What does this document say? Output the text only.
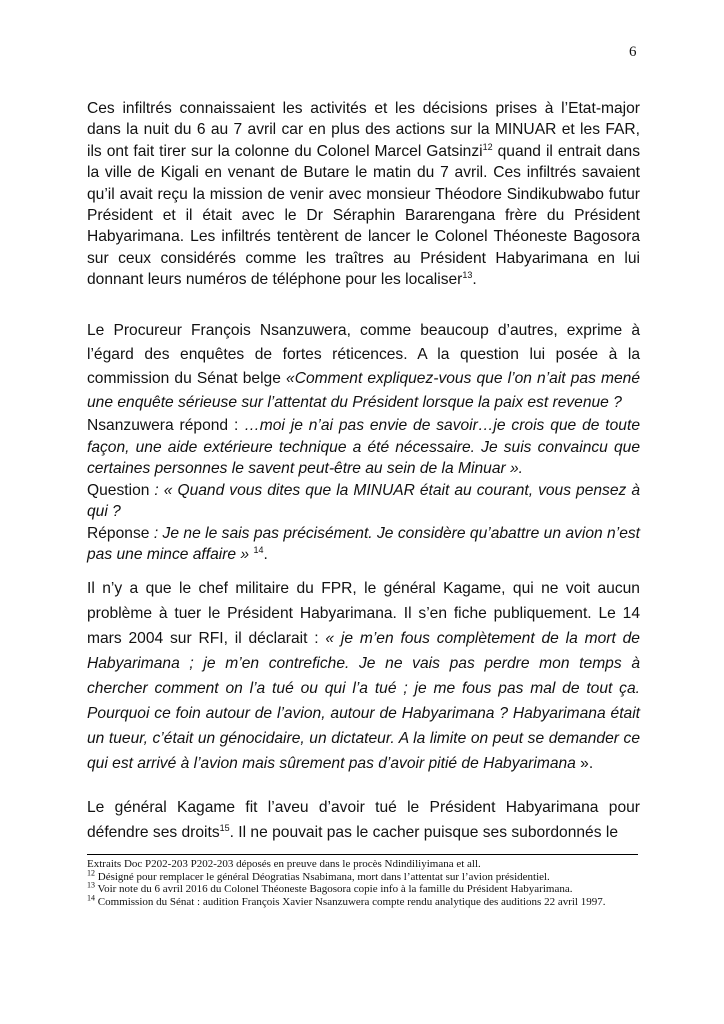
6

Ces infiltrés connaissaient les activités et les décisions prises à l’Etat-major dans la nuit du 6 au 7 avril car en plus des actions sur la MINUAR et les FAR, ils ont fait tirer sur la colonne du Colonel Marcel Gatsinzi$^{12}$ quand il entrait dans la ville de Kigali en venant de Butare le matin du 7 avril. Ces infiltrés savaient qu’il avait reçu la mission de venir avec monsieur Théodore Sindikubwabo futur Président et il était avec le Dr Séraphin Bararengana frère du Président Habyarimana. Les infiltrés tentèrent de lancer le Colonel Théoneste Bagosora sur ceux considérés comme les traîtres au Président Habyarimana en lui donnant leurs numéros de téléphone pour les localiser$^{13}$.

Le Procureur François Nsanzuwera, comme beaucoup d’autres, exprime à l’égard des enquêtes de fortes réticences. A la question lui posée à la commission du Sénat belge «Comment expliquez-vous que l’on n’ait pas mené une enquête sérieuse sur l’attentat du Président lorsque la paix est revenue ?

Nsanzuwera répond : …moi je n’ai pas envie de savoir…je crois que de toute façon, une aide extérieure technique a été nécessaire. Je suis convaincu que certaines personnes le savent peut-être au sein de la Minuar ».

Question : « Quand vous dites que la MINUAR était au courant, vous pensez à qui ?

Réponse : Je ne le sais pas précisément. Je considère qu’abattre un avion n’est pas une mince affaire » $^{14}$.

Il n’y a que le chef militaire du FPR, le général Kagame, qui ne voit aucun problème à tuer le Président Habyarimana. Il s’en fiche publiquement. Le 14 mars 2004 sur RFI, il déclarait : « je m’en fous complètement de la mort de Habyarimana ; je m’en contrefiche. Je ne vais pas perdre mon temps à chercher comment on l’a tué ou qui l’a tué ; je me fous pas mal de tout ça. Pourquoi ce foin autour de l’avion, autour de Habyarimana ? Habyarimana était un tueur, c’était un génocidaire, un dictateur. A la limite on peut se demander ce qui est arrivé à l’avion mais sûrement pas d’avoir pitié de Habyarimana ».

Le général Kagame fit l’aveu d’avoir tué le Président Habyarimana pour défendre ses droits$^{15}$. Il ne pouvait pas le cacher puisque ses subordonnés le

Extraits Doc P202-203 P202-203 déposés en preuve dans le procès Ndindiliyimana et all.

$^{12}$ Désigné pour remplacer le général Déogratias Nsabimana, mort dans l’attentat sur l’avion présidentiel.

$^{13}$ Voir note du 6 avril 2016 du Colonel Théoneste Bagosora copie info à la famille du Président Habyarimana.

$^{14}$ Commission du Sénat : audition François Xavier Nsanzuwera compte rendu analytique des auditions 22 avril 1997.
